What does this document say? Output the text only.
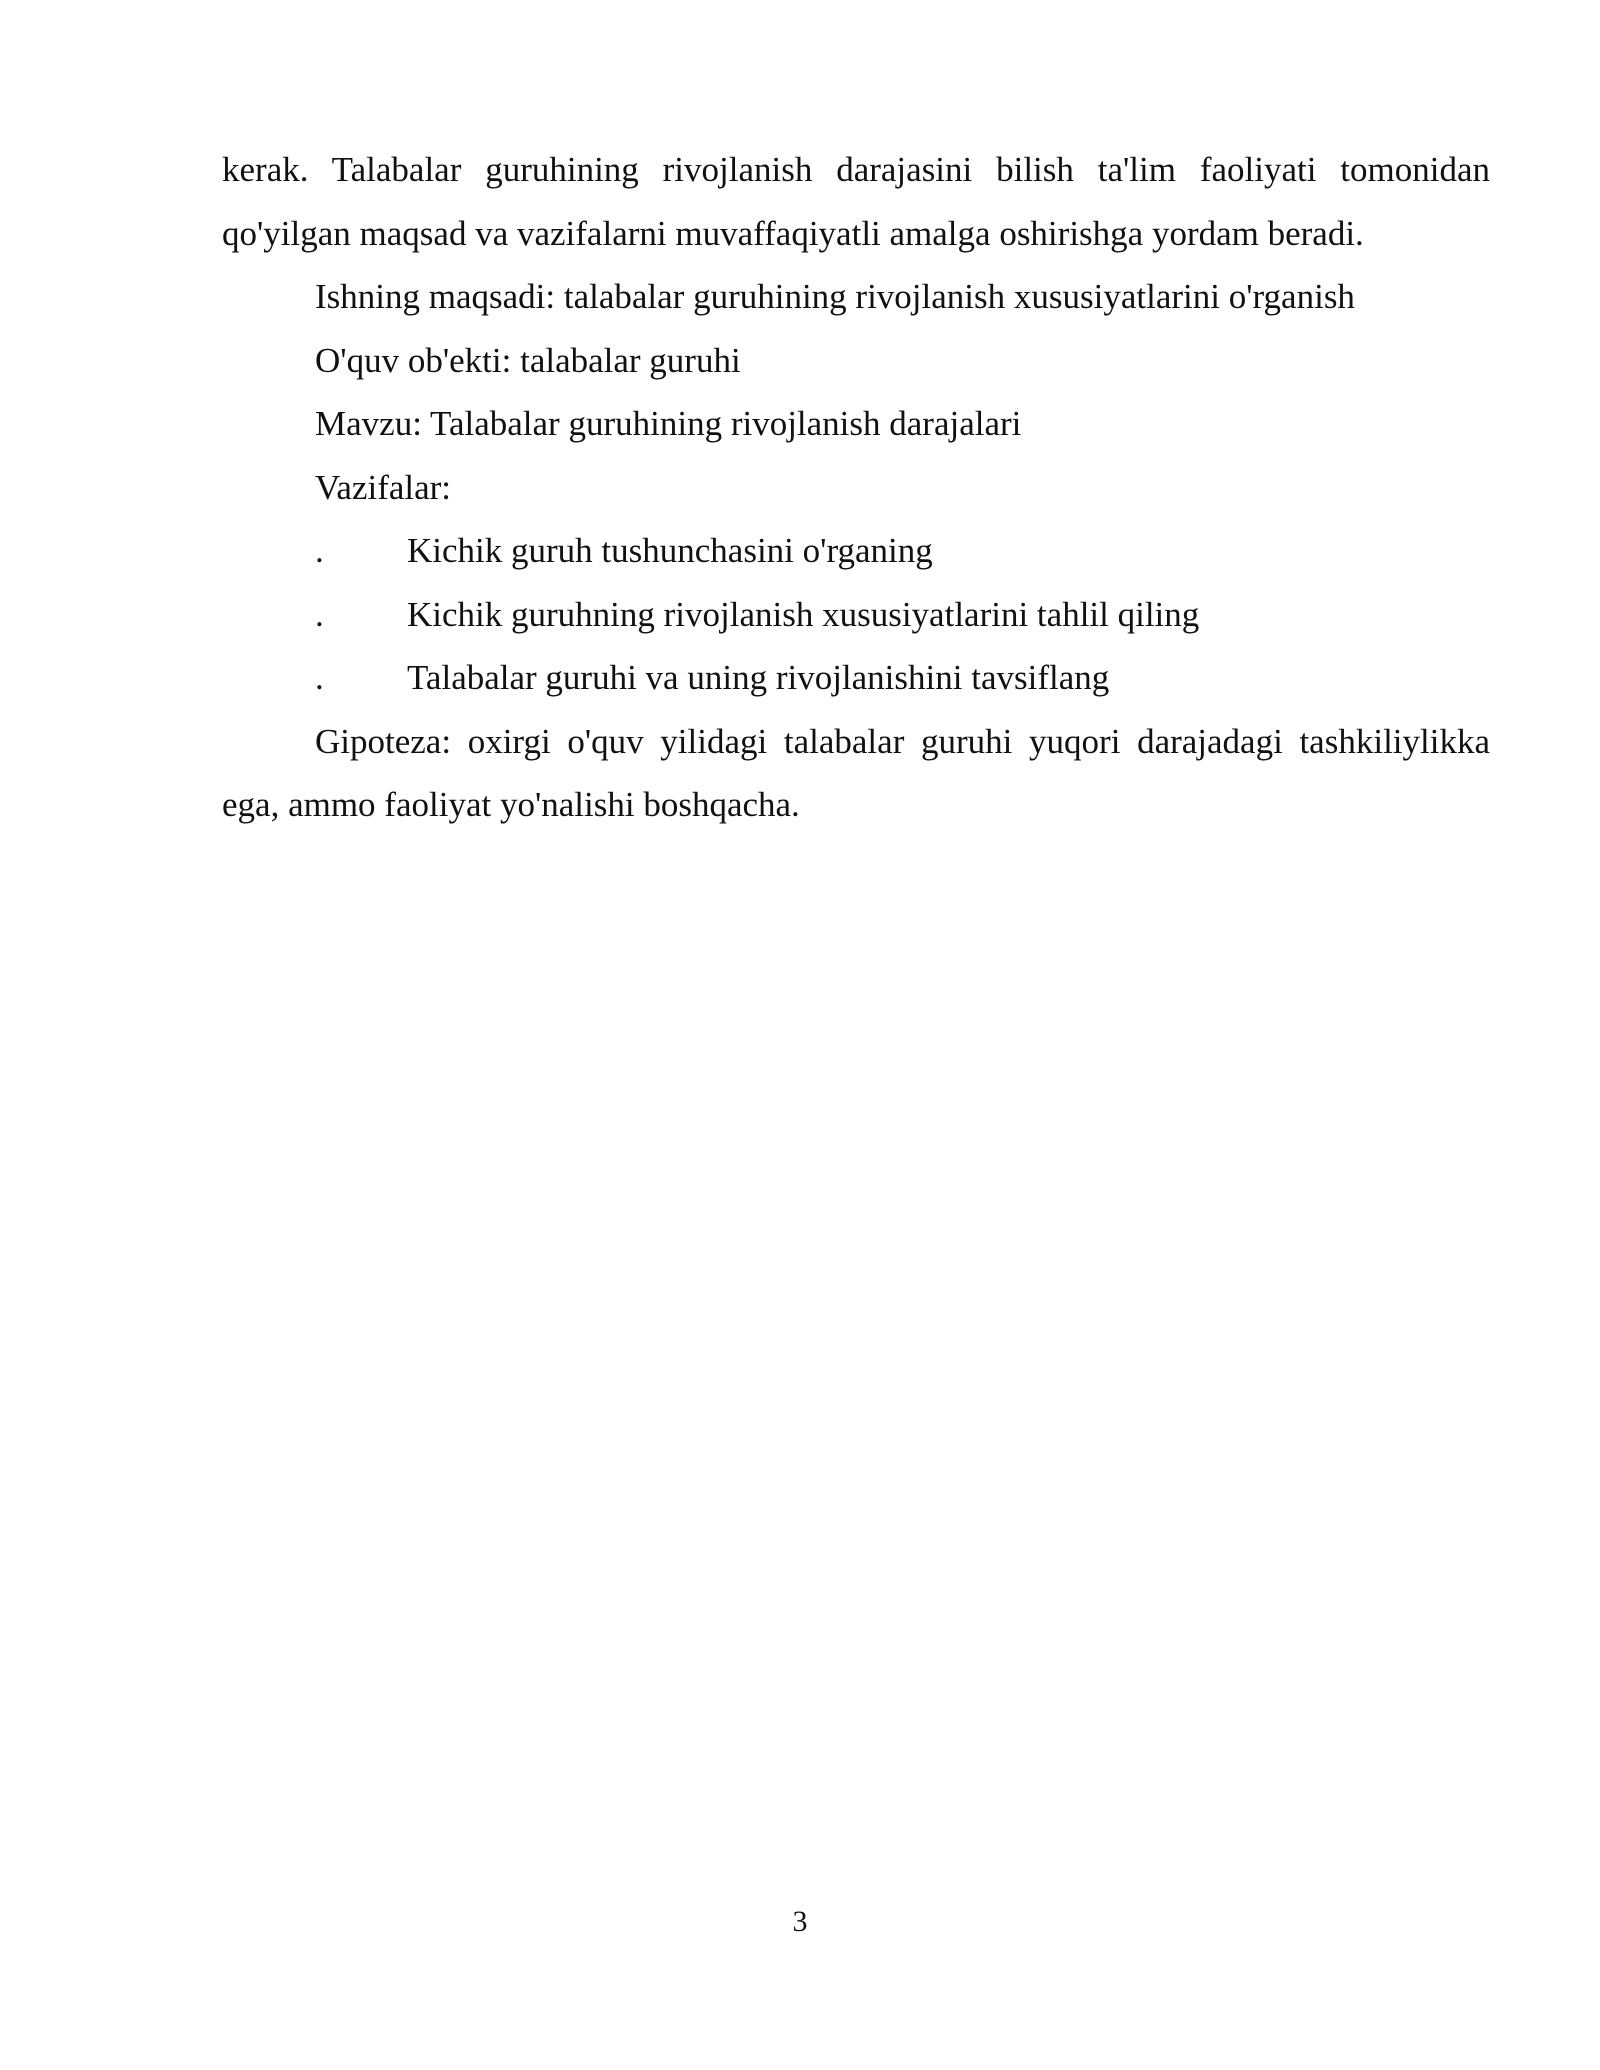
kerak. Talabalar guruhining rivojlanish darajasini bilish ta'lim faoliyati tomonidan qo'yilgan maqsad va vazifalarni muvaffaqiyatli amalga oshirishga yordam beradi.

Ishning maqsadi: talabalar guruhining rivojlanish xususiyatlarini o'rganish

O'quv ob'ekti: talabalar guruhi

Mavzu: Talabalar guruhining rivojlanish darajalari

Vazifalar:

.	Kichik guruh tushunchasini o'rganing
.	Kichik guruhning rivojlanish xususiyatlarini tahlil qiling
.	Talabalar guruhi va uning rivojlanishini tavsiflang

Gipoteza: oxirgi o'quv yilidagi talabalar guruhi yuqori darajadagi tashkiliylikka ega, ammo faoliyat yo'nalishi boshqacha.

3
